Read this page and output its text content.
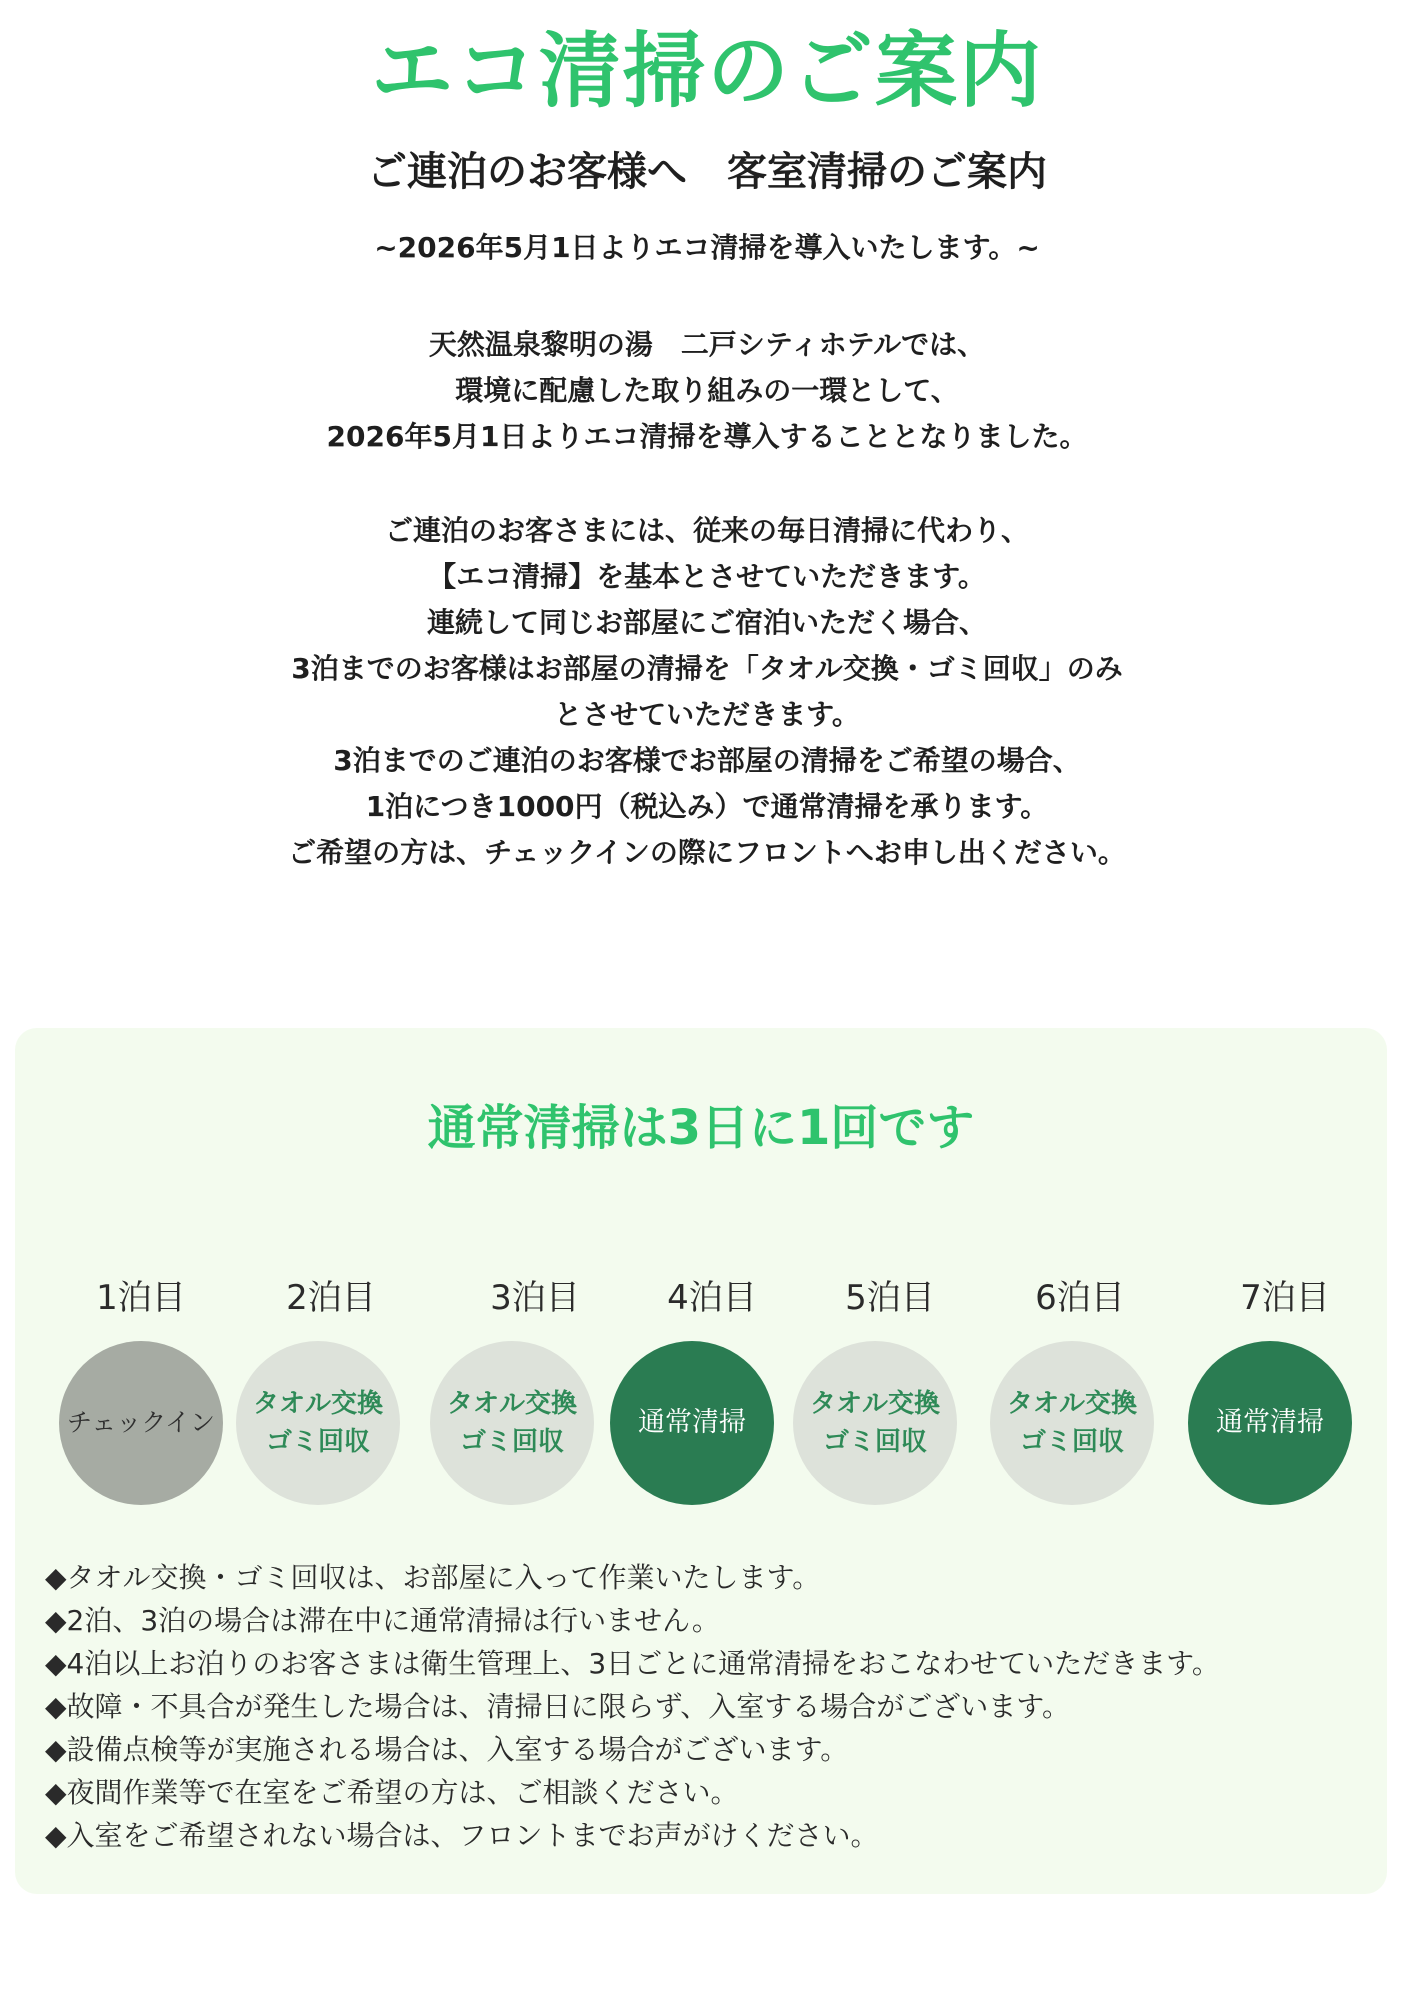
エコ清掃のご案内
ご連泊のお客様へ　客室清掃のご案内
~2026年5月1日よりエコ清掃を導入いたします。~
天然温泉黎明の湯　二戸シティホテルでは、
環境に配慮した取り組みの一環として、
2026年5月1日よりエコ清掃を導入することとなりました。
ご連泊のお客さまには、従来の毎日清掃に代わり、
【エコ清掃】を基本とさせていただきます。
連続して同じお部屋にご宿泊いただく場合、
3泊までのお客様はお部屋の清掃を「タオル交換・ゴミ回収」のみ
とさせていただきます。
3泊までのご連泊のお客様でお部屋の清掃をご希望の場合、
1泊につき1000円（税込み）で通常清掃を承ります。
ご希望の方は、チェックインの際にフロントへお申し出ください。
通常清掃は3日に1回です
1泊目
チェックイン
2泊目
タオル交換
ゴミ回収
3泊目
タオル交換
ゴミ回収
4泊目
通常清掃
5泊目
タオル交換
ゴミ回収
6泊目
タオル交換
ゴミ回収
7泊目
通常清掃
◆タオル交換・ゴミ回収は、お部屋に入って作業いたします。
◆2泊、3泊の場合は滞在中に通常清掃は行いません。
◆4泊以上お泊りのお客さまは衛生管理上、3日ごとに通常清掃をおこなわせていただきます。
◆故障・不具合が発生した場合は、清掃日に限らず、入室する場合がございます。
◆設備点検等が実施される場合は、入室する場合がございます。
◆夜間作業等で在室をご希望の方は、ご相談ください。
◆入室をご希望されない場合は、フロントまでお声がけください。
